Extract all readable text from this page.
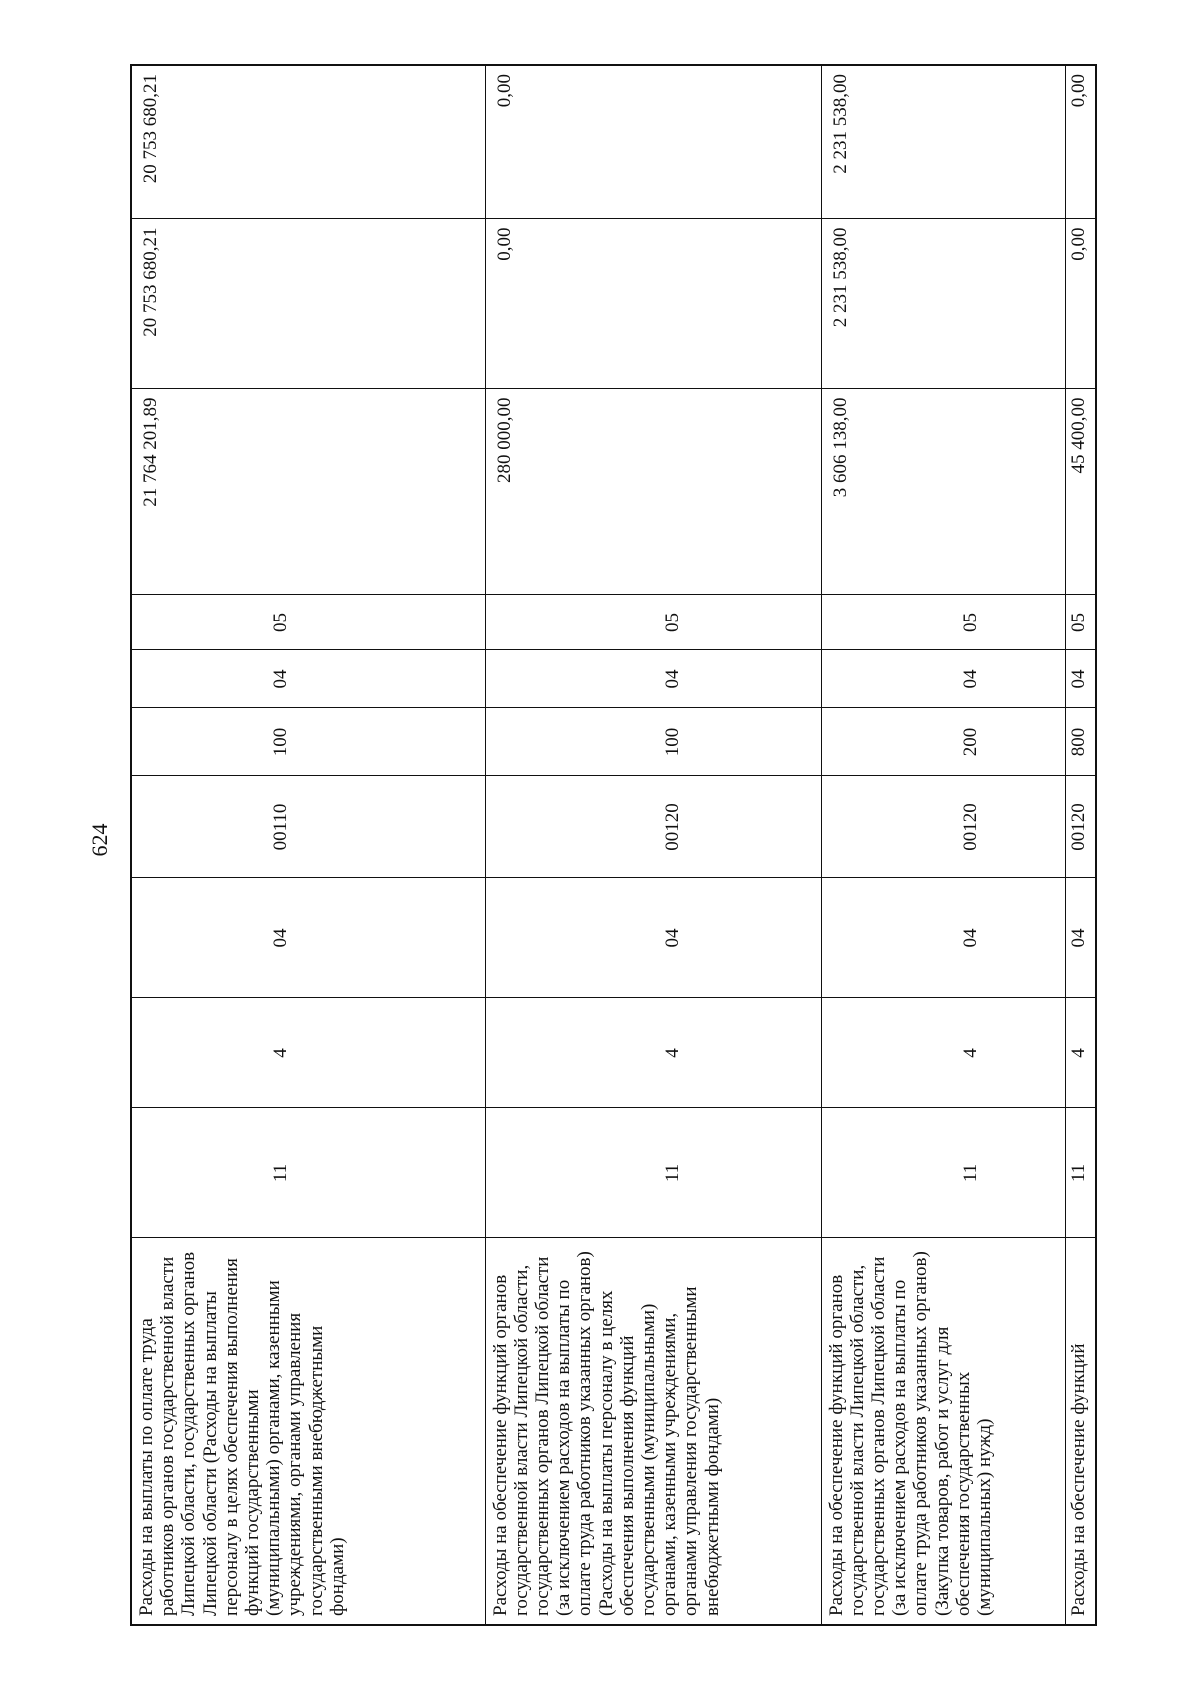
624
Расходы на выплаты по оплате труда работников органов государственной власти Липецкой области, государственных органов Липецкой области (Расходы на выплаты персоналу в целях обеспечения выполнения функций государственными (муниципальными) органами, казенными учреждениями, органами управления государственными внебюджетными фондами)	11	4	04	00110	100	04	05	21 764 201,89	20 753 680,21	20 753 680,21
Расходы на обеспечение функций органов государственной власти Липецкой области, государственных органов Липецкой области (за исключением расходов на выплаты по оплате труда работников указанных органов) (Расходы на выплаты персоналу в целях обеспечения выполнения функций государственными (муниципальными) органами, казенными учреждениями, органами управления государственными внебюджетными фондами)	11	4	04	00120	100	04	05	280 000,00	0,00	0,00
Расходы на обеспечение функций органов государственной власти Липецкой области, государственных органов Липецкой области (за исключением расходов на выплаты по оплате труда работников указанных органов) (Закупка товаров, работ и услуг для обеспечения государственных (муниципальных) нужд)	11	4	04	00120	200	04	05	3 606 138,00	2 231 538,00	2 231 538,00
Расходы на обеспечение функций	11	4	04	00120	800	04	05	45 400,00	0,00	0,00
